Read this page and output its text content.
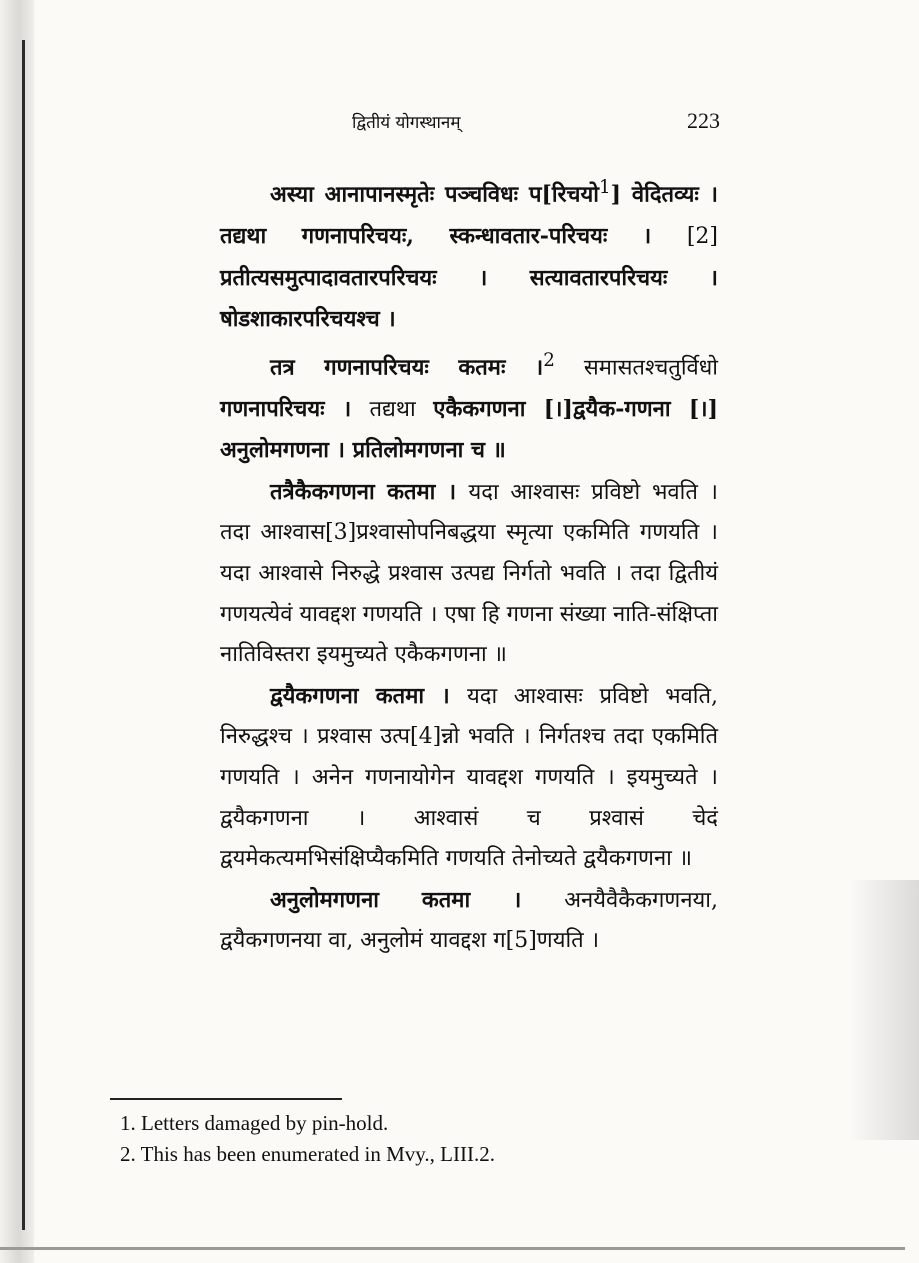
द्वितीयं योगस्थानम्	223

अस्या आनापानस्मृतेः पञ्चविधः प[रिचयो$^1$] वेदितव्यः । तद्यथा गणनापरिचयः, स्कन्धावतार-परिचयः । [2] प्रतीत्यसमुत्पादावतारपरिचयः । सत्यावतारपरिचयः । षोडशाकारपरिचयश्च ।

तत्र गणनापरिचयः कतमः ।$^2$ समासतश्चतुर्विधो गणनापरिचयः । तद्यथा एकैकगणना [।]द्वयैक-गणना [।] अनुलोमगणना । प्रतिलोमगणना च ॥

तत्रैकैकगणना कतमा । यदा आश्वासः प्रविष्टो भवति । तदा आश्वास[3]प्रश्वासोपनिबद्धया स्मृत्या एकमिति गणयति । यदा आश्वासे निरुद्धे प्रश्वास उत्पद्य निर्गतो भवति । तदा द्वितीयं गणयत्येवं यावद्दश गणयति । एषा हि गणना संख्या नाति-संक्षिप्ता नातिविस्तरा इयमुच्यते एकैकगणना ॥

द्वयैकगणना कतमा । यदा आश्वासः प्रविष्टो भवति, निरुद्धश्च । प्रश्वास उत्प[4]न्नो भवति । निर्गतश्च तदा एकमिति गणयति । अनेन गणनायोगेन यावद्दश गणयति । इयमुच्यते । द्वयैकगणना । आश्वासं च प्रश्वासं चेदं द्वयमेकत्यमभिसंक्षिप्यैकमिति गणयति तेनोच्यते द्वयैकगणना ॥

अनुलोमगणना कतमा । अनयैवैकैकगणनया, द्वयैकगणनया वा, अनुलोमं यावद्दश ग[5]णयति ।

1. Letters damaged by pin-hold.
2. This has been enumerated in Mvy., LIII.2.
